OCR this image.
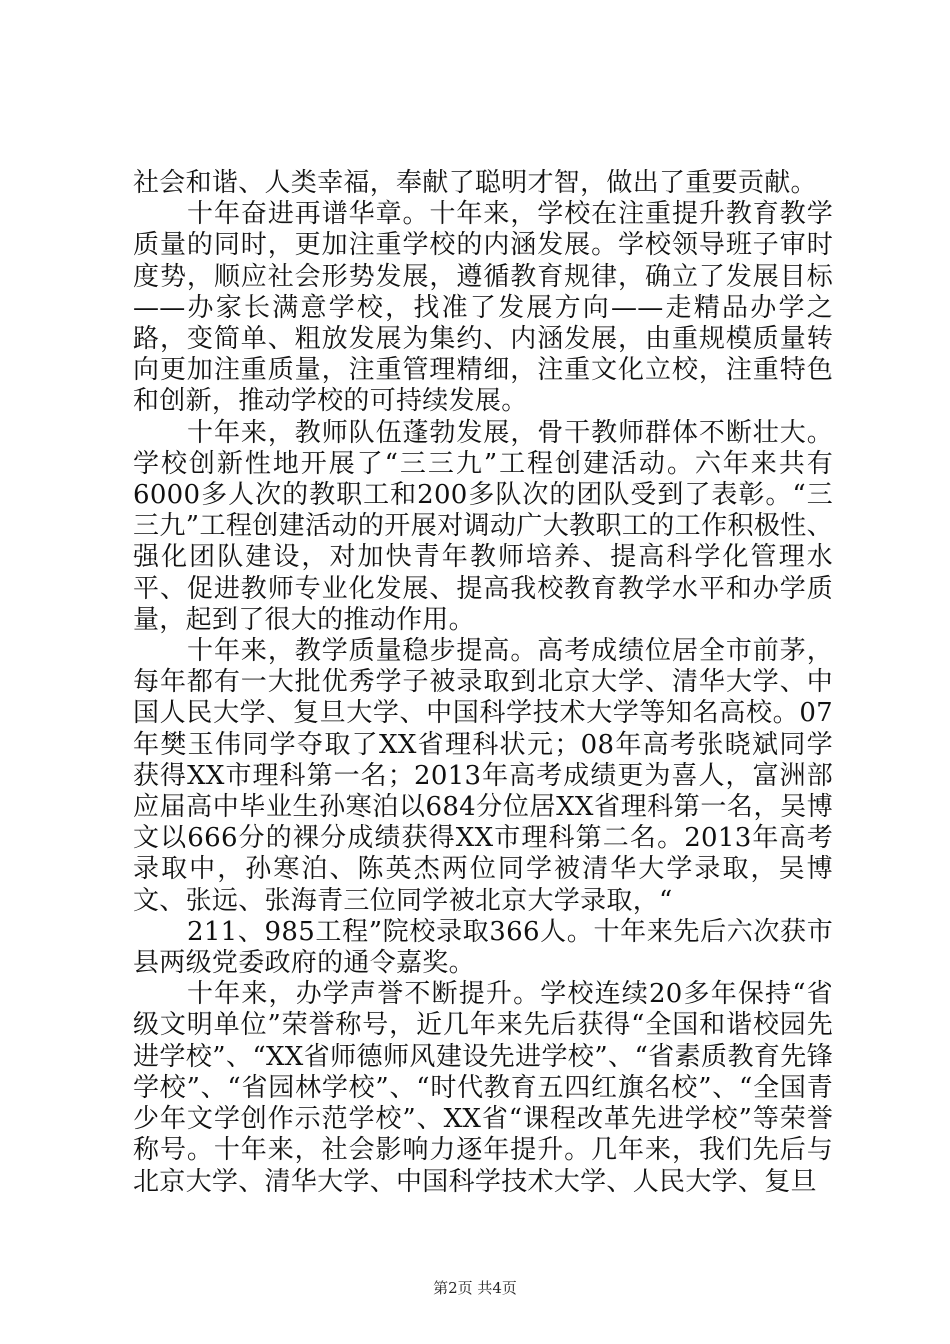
社会和谐、人类幸福，奉献了聪明才智，做出了重要贡献。

十年奋进再谱华章。十年来，学校在注重提升教育教学质量的同时，更加注重学校的内涵发展。学校领导班子审时度势，顺应社会形势发展，遵循教育规律，确立了发展目标——办家长满意学校，找准了发展方向——走精品办学之路，变简单、粗放发展为集约、内涵发展，由重规模质量转向更加注重质量，注重管理精细，注重文化立校，注重特色和创新，推动学校的可持续发展。

十年来，教师队伍蓬勃发展，骨干教师群体不断壮大。学校创新性地开展了“三三九”工程创建活动。六年来共有6000多人次的教职工和200多队次的团队受到了表彰。“三三九”工程创建活动的开展对调动广大教职工的工作积极性、强化团队建设，对加快青年教师培养、提高科学化管理水平、促进教师专业化发展、提高我校教育教学水平和办学质量，起到了很大的推动作用。

十年来，教学质量稳步提高。高考成绩位居全市前茅，每年都有一大批优秀学子被录取到北京大学、清华大学、中国人民大学、复旦大学、中国科学技术大学等知名高校。07年樊玉伟同学夺取了XX省理科状元；08年高考张晓斌同学获得XX市理科第一名；2013年高考成绩更为喜人，富洲部应届高中毕业生孙寒泊以684分位居XX省理科第一名，吴博文以666分的裸分成绩获得XX市理科第二名。2013年高考录取中，孙寒泊、陈英杰两位同学被清华大学录取，吴博文、张远、张海青三位同学被北京大学录取，“

211、985工程”院校录取366人。十年来先后六次获市县两级党委政府的通令嘉奖。

十年来，办学声誉不断提升。学校连续20多年保持“省级文明单位”荣誉称号，近几年来先后获得“全国和谐校园先进学校”、“XX省师德师风建设先进学校”、“省素质教育先锋学校”、“省园林学校”、“时代教育五四红旗名校”、“全国青少年文学创作示范学校”、XX省“课程改革先进学校”等荣誉称号。十年来，社会影响力逐年提升。几年来，我们先后与北京大学、清华大学、中国科学技术大学、人民大学、复旦

第2页 共4页
